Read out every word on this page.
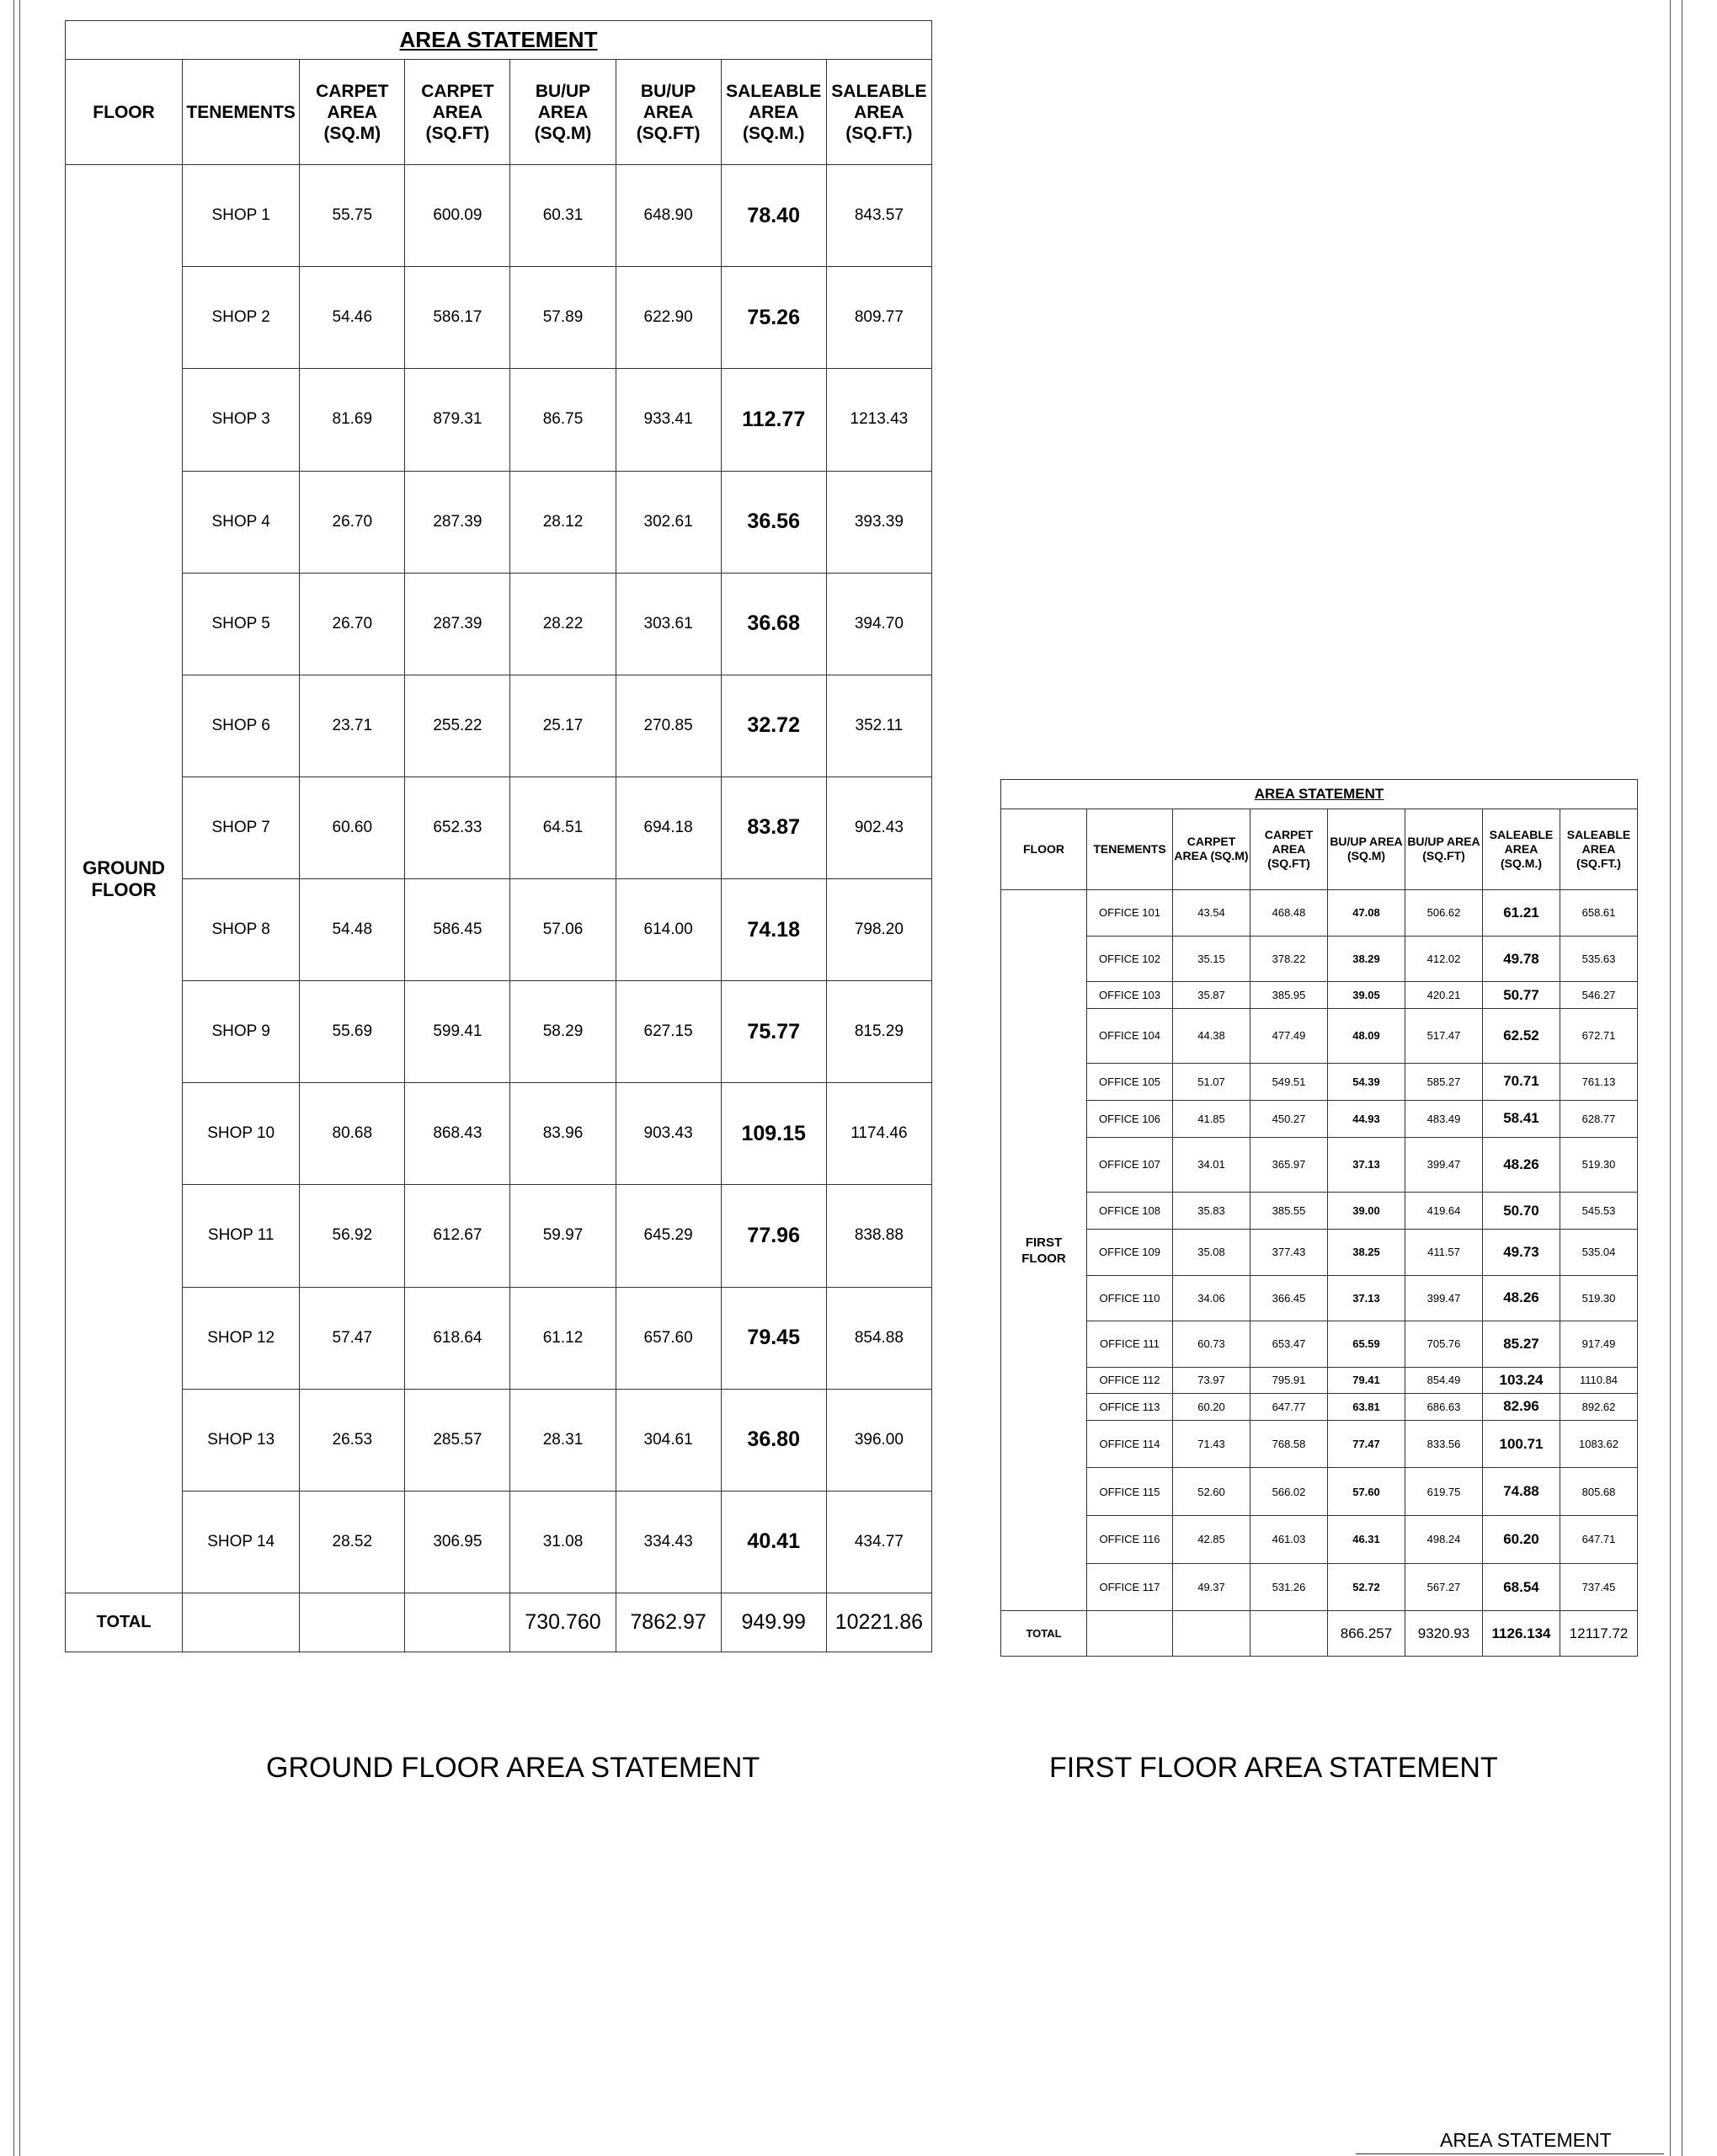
AREA STATEMENT							
FLOOR	TENEMENTS	CARPET AREA (SQ.M)	CARPET AREA (SQ.FT)	BU/UP AREA (SQ.M)	BU/UP AREA (SQ.FT)	SALEABLE AREA (SQ.M.)	SALEABLE AREA (SQ.FT.)
GROUND FLOOR	SHOP 1	55.75	600.09	60.31	648.90	78.40	843.57
	SHOP 2	54.46	586.17	57.89	622.90	75.26	809.77
	SHOP 3	81.69	879.31	86.75	933.41	112.77	1213.43
	SHOP 4	26.70	287.39	28.12	302.61	36.56	393.39
	SHOP 5	26.70	287.39	28.22	303.61	36.68	394.70
	SHOP 6	23.71	255.22	25.17	270.85	32.72	352.11
	SHOP 7	60.60	652.33	64.51	694.18	83.87	902.43
	SHOP 8	54.48	586.45	57.06	614.00	74.18	798.20
	SHOP 9	55.69	599.41	58.29	627.15	75.77	815.29
	SHOP 10	80.68	868.43	83.96	903.43	109.15	1174.46
	SHOP 11	56.92	612.67	59.97	645.29	77.96	838.88
	SHOP 12	57.47	618.64	61.12	657.60	79.45	854.88
	SHOP 13	26.53	285.57	28.31	304.61	36.80	396.00
	SHOP 14	28.52	306.95	31.08	334.43	40.41	434.77
TOTAL				730.760	7862.97	949.99	10221.86
AREA STATEMENT							
FLOOR	TENEMENTS	CARPET AREA (SQ.M)	CARPET AREA (SQ.FT)	BU/UP AREA (SQ.M)	BU/UP AREA (SQ.FT)	SALEABLE AREA (SQ.M.)	SALEABLE AREA (SQ.FT.)
FIRST FLOOR	OFFICE 101	43.54	468.48	47.08	506.62	61.21	658.61
	OFFICE 102	35.15	378.22	38.29	412.02	49.78	535.63
	OFFICE 103	35.87	385.95	39.05	420.21	50.77	546.27
	OFFICE 104	44.38	477.49	48.09	517.47	62.52	672.71
	OFFICE 105	51.07	549.51	54.39	585.27	70.71	761.13
	OFFICE 106	41.85	450.27	44.93	483.49	58.41	628.77
	OFFICE 107	34.01	365.97	37.13	399.47	48.26	519.30
	OFFICE 108	35.83	385.55	39.00	419.64	50.70	545.53
	OFFICE 109	35.08	377.43	38.25	411.57	49.73	535.04
	OFFICE 110	34.06	366.45	37.13	399.47	48.26	519.30
	OFFICE 111	60.73	653.47	65.59	705.76	85.27	917.49
	OFFICE 112	73.97	795.91	79.41	854.49	103.24	1110.84
	OFFICE 113	60.20	647.77	63.81	686.63	82.96	892.62
	OFFICE 114	71.43	768.58	77.47	833.56	100.71	1083.62
	OFFICE 115	52.60	566.02	57.60	619.75	74.88	805.68
	OFFICE 116	42.85	461.03	46.31	498.24	60.20	647.71
	OFFICE 117	49.37	531.26	52.72	567.27	68.54	737.45
TOTAL				866.257	9320.93	1126.134	12117.72
GROUND FLOOR AREA STATEMENT	FIRST FLOOR AREA STATEMENT
AREA STATEMENT
